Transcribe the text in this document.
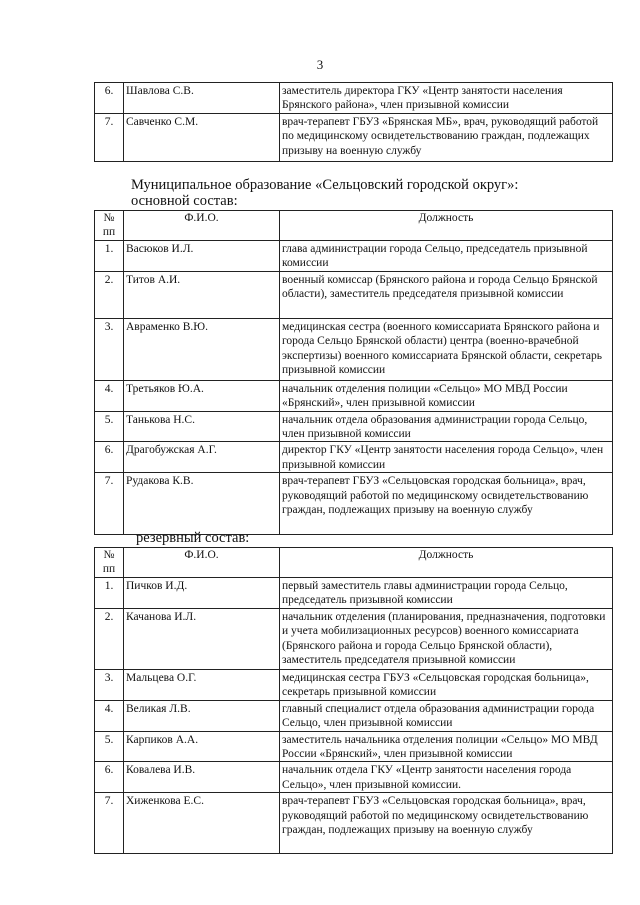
3
6.	Шавлова С.В.	заместитель директора ГКУ «Центр занятости населения Брянского района», член призывной комиссии
7.	Савченко С.М.	врач-терапевт ГБУЗ «Брянская МБ», врач, руководящий работой по медицинскому освидетельствованию граждан, подлежащих призыву на военную службу
Муниципальное образование «Сельцовский городской округ»:
основной состав:
№ пп	Ф.И.О.	Должность
1.	Васюков И.Л.	глава администрации города Сельцо, председатель призывной комиссии
2.	Титов А.И.	военный комиссар (Брянского района и города Сельцо Брянской области), заместитель председателя призывной комиссии
3.	Авраменко В.Ю.	медицинская сестра (военного комиссариата Брянского района и города Сельцо Брянской области) центра (военно-врачебной экспертизы) военного комиссариата Брянской области, секретарь призывной комиссии
4.	Третьяков Ю.А.	начальник отделения полиции «Сельцо» МО МВД России «Брянский», член призывной комиссии
5.	Танькова Н.С.	начальник отдела образования администрации города Сельцо, член призывной комиссии
6.	Драгобужская А.Г.	директор ГКУ «Центр занятости населения города Сельцо», член призывной комиссии
7.	Рудакова К.В.	врач-терапевт ГБУЗ «Сельцовская городская больница», врач, руководящий работой по медицинскому освидетельствованию граждан, подлежащих призыву на военную службу
резервный состав:
№ пп	Ф.И.О.	Должность
1.	Пичков И.Д.	первый заместитель главы администрации города Сельцо, председатель призывной комиссии
2.	Качанова И.Л.	начальник отделения (планирования, предназначения, подготовки и учета мобилизационных ресурсов) военного комиссариата (Брянского района и города Сельцо Брянской области), заместитель председателя призывной комиссии
3.	Мальцева О.Г.	медицинская сестра ГБУЗ «Сельцовская городская больница», секретарь призывной комиссии
4.	Великая Л.В.	главный специалист отдела образования администрации города Сельцо, член призывной комиссии
5.	Карпиков А.А.	заместитель начальника отделения полиции «Сельцо» МО МВД России «Брянский», член призывной комиссии
6.	Ковалева И.В.	начальник отдела ГКУ «Центр занятости населения города Сельцо», член призывной комиссии.
7.	Хиженкова Е.С.	врач-терапевт ГБУЗ «Сельцовская городская больница», врач, руководящий работой по медицинскому освидетельствованию граждан, подлежащих призыву на военную службу
